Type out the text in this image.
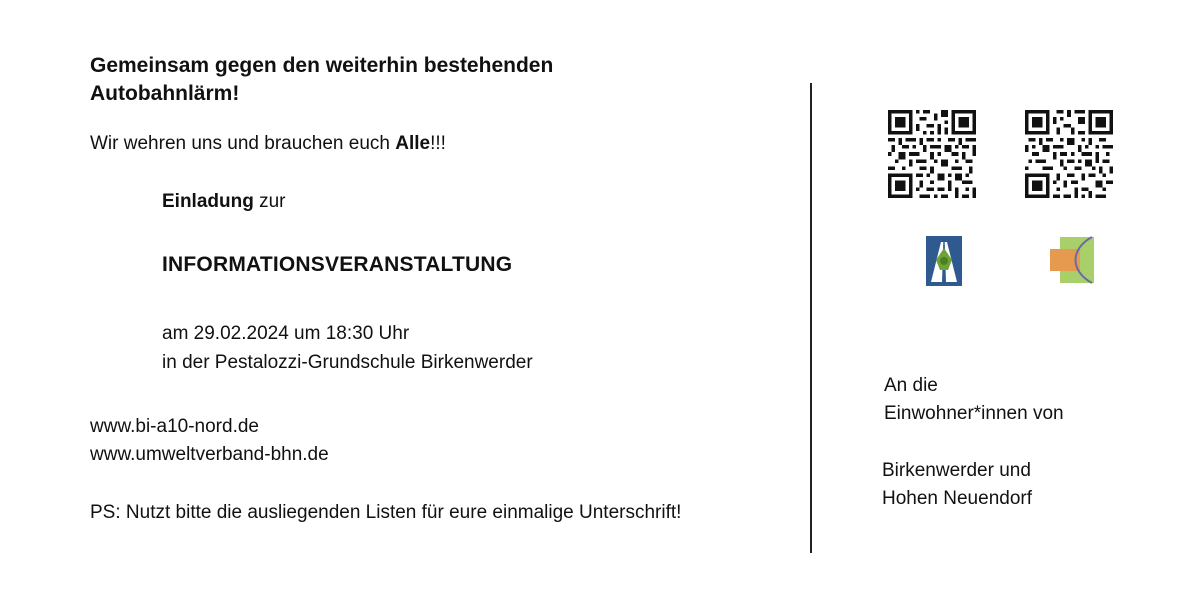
Gemeinsam gegen den weiterhin bestehenden
Autobahnlärm!
Wir wehren uns und brauchen euch Alle!!!
Einladung zur
INFORMATIONSVERANSTALTUNG
am 29.02.2024 um 18:30 Uhr
in der Pestalozzi-Grundschule Birkenwerder
www.bi-a10-nord.de
www.umweltverband-bhn.de
PS: Nutzt bitte die ausliegenden Listen für eure einmalige Unterschrift!
An die
Einwohner*innen von
Birkenwerder und
Hohen Neuendorf
